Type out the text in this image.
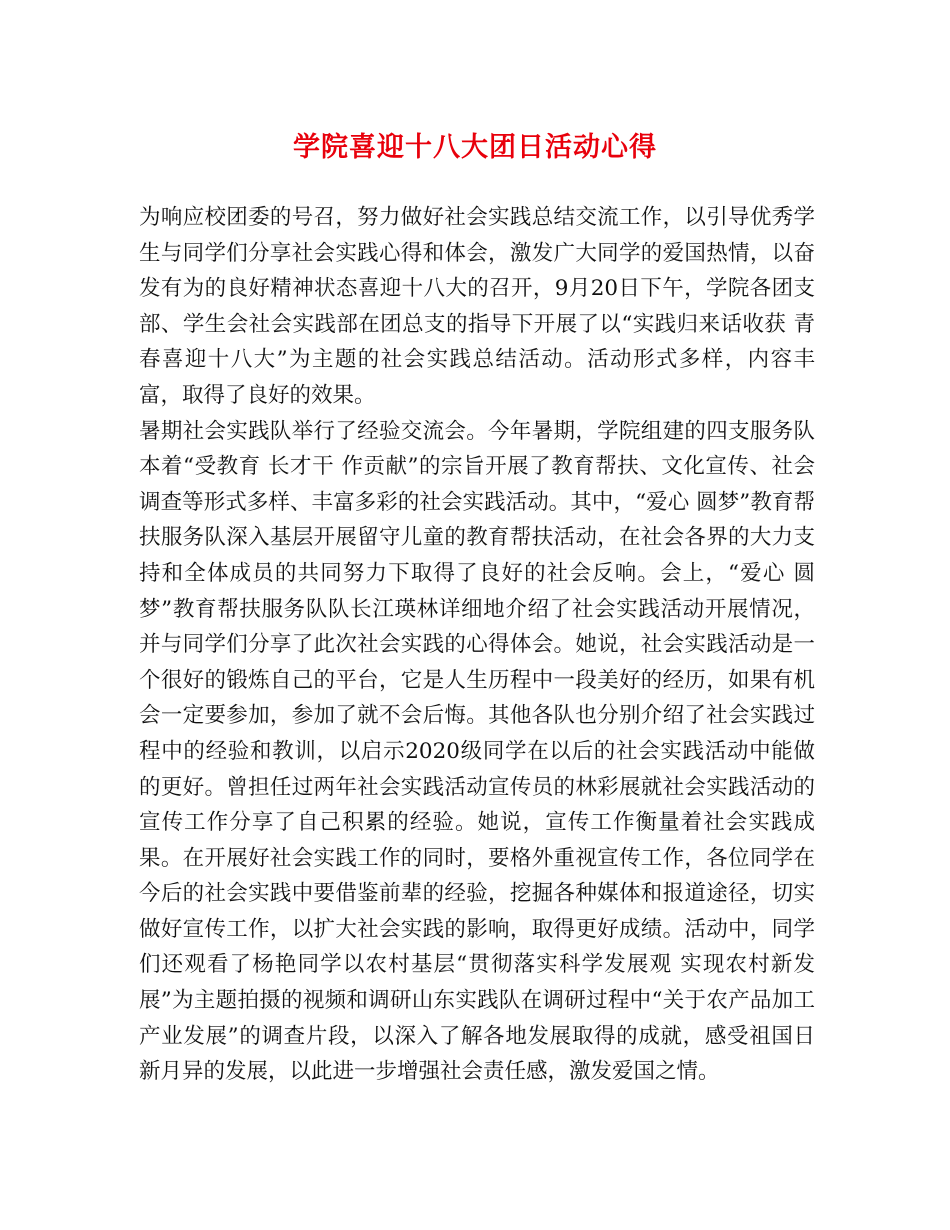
学院喜迎十八大团日活动心得

为响应校团委的号召，努力做好社会实践总结交流工作，以引导优秀学生与同学们分享社会实践心得和体会，激发广大同学的爱国热情，以奋发有为的良好精神状态喜迎十八大的召开，9月20日下午，学院各团支部、学生会社会实践部在团总支的指导下开展了以“实践归来话收获 青春喜迎十八大”为主题的社会实践总结活动。活动形式多样，内容丰富，取得了良好的效果。

暑期社会实践队举行了经验交流会。今年暑期，学院组建的四支服务队本着“受教育 长才干 作贡献”的宗旨开展了教育帮扶、文化宣传、社会调查等形式多样、丰富多彩的社会实践活动。其中，“爱心 圆梦”教育帮扶服务队深入基层开展留守儿童的教育帮扶活动，在社会各界的大力支持和全体成员的共同努力下取得了良好的社会反响。会上，“爱心 圆梦”教育帮扶服务队队长江瑛林详细地介绍了社会实践活动开展情况，并与同学们分享了此次社会实践的心得体会。她说，社会实践活动是一个很好的锻炼自己的平台，它是人生历程中一段美好的经历，如果有机会一定要参加，参加了就不会后悔。其他各队也分别介绍了社会实践过程中的经验和教训，以启示2020级同学在以后的社会实践活动中能做的更好。曾担任过两年社会实践活动宣传员的林彩展就社会实践活动的宣传工作分享了自己积累的经验。她说，宣传工作衡量着社会实践成果。在开展好社会实践工作的同时，要格外重视宣传工作，各位同学在今后的社会实践中要借鉴前辈的经验，挖掘各种媒体和报道途径，切实做好宣传工作，以扩大社会实践的影响，取得更好成绩。活动中，同学们还观看了杨艳同学以农村基层“贯彻落实科学发展观 实现农村新发展”为主题拍摄的视频和调研山东实践队在调研过程中“关于农产品加工产业发展”的调查片段，以深入了解各地发展取得的成就，感受祖国日新月异的发展，以此进一步增强社会责任感，激发爱国之情。
